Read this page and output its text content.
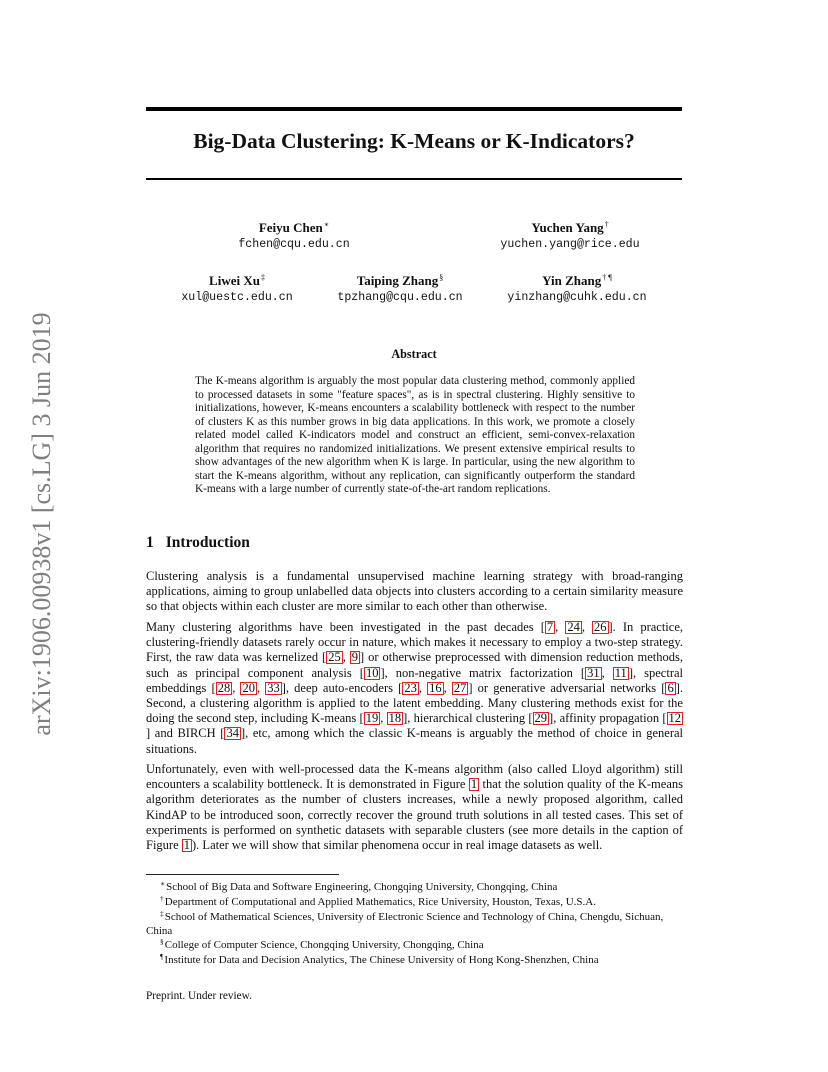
arXiv:1906.00938v1 [cs.LG] 3 Jun 2019
Big-Data Clustering: K-Means or K-Indicators?
Feiyu Chen∗
fchen@cqu.edu.cn
Yuchen Yang†
yuchen.yang@rice.edu
Liwei Xu‡
xul@uestc.edu.cn
Taiping Zhang§
tpzhang@cqu.edu.cn
Yin Zhang† ¶
yinzhang@cuhk.edu.cn
Abstract
The K-means algorithm is arguably the most popular data clustering method, commonly applied to processed datasets in some "feature spaces", as is in spectral clustering. Highly sensitive to initializations, however, K-means encounters a scalability bottleneck with respect to the number of clusters K as this number grows in big data applications. In this work, we promote a closely related model called K-indicators model and construct an efficient, semi-convex-relaxation algorithm that requires no randomized initializations. We present extensive empirical results to show advantages of the new algorithm when K is large. In particular, using the new algorithm to start the K-means algorithm, without any replication, can significantly outperform the standard K-means with a large number of currently state-of-the-art random replications.
1 Introduction

Clustering analysis is a fundamental unsupervised machine learning strategy with broad-ranging applications, aiming to group unlabelled data objects into clusters according to a certain similarity measure so that objects within each cluster are more similar to each other than otherwise.

Many clustering algorithms have been investigated in the past decades [ 7 , 24 , 26 ]. In practice, clustering-friendly datasets rarely occur in nature, which makes it necessary to employ a two-step strategy. First, the raw data was kernelized [ 25 , 9 ] or otherwise preprocessed with dimension reduction methods, such as principal component analysis [ 10 ], non-negative matrix factorization [ 31 , 11 ], spectral embeddings [ 28 , 20 , 33 ], deep auto-encoders [ 23 , 16 , 27 ] or generative adversarial networks [ 6 ]. Second, a clustering algorithm is applied to the latent embedding. Many clustering methods exist for the doing the second step, including K-means [ 19 , 18 ], hierarchical clustering [ 29 ], affinity propagation [ 12] and BIRCH [ 34 ], etc, among which the classic K-means is arguably the method of choice in general situations.

Unfortunately, even with well-processed data the K-means algorithm (also called Lloyd algorithm) still encounters a scalability bottleneck. It is demonstrated in Figure 1 that the solution quality of the K-means algorithm deteriorates as the number of clusters increases, while a newly proposed algorithm, called KindAP to be introduced soon, correctly recover the ground truth solutions in all tested cases. This set of experiments is performed on synthetic datasets with separable clusters (see more details in the caption of Figure 1 ). Later we will show that similar phenomena occur in real image datasets as well.

∗School of Big Data and Software Engineering, Chongqing University, Chongqing, China

†Department of Computational and Applied Mathematics, Rice University, Houston, Texas, U.S.A.

‡School of Mathematical Sciences, University of Electronic Science and Technology of China, Chengdu, Sichuan, China

§College of Computer Science, Chongqing University, Chongqing, China

¶Institute for Data and Decision Analytics, The Chinese University of Hong Kong-Shenzhen, China

Preprint. Under review.
